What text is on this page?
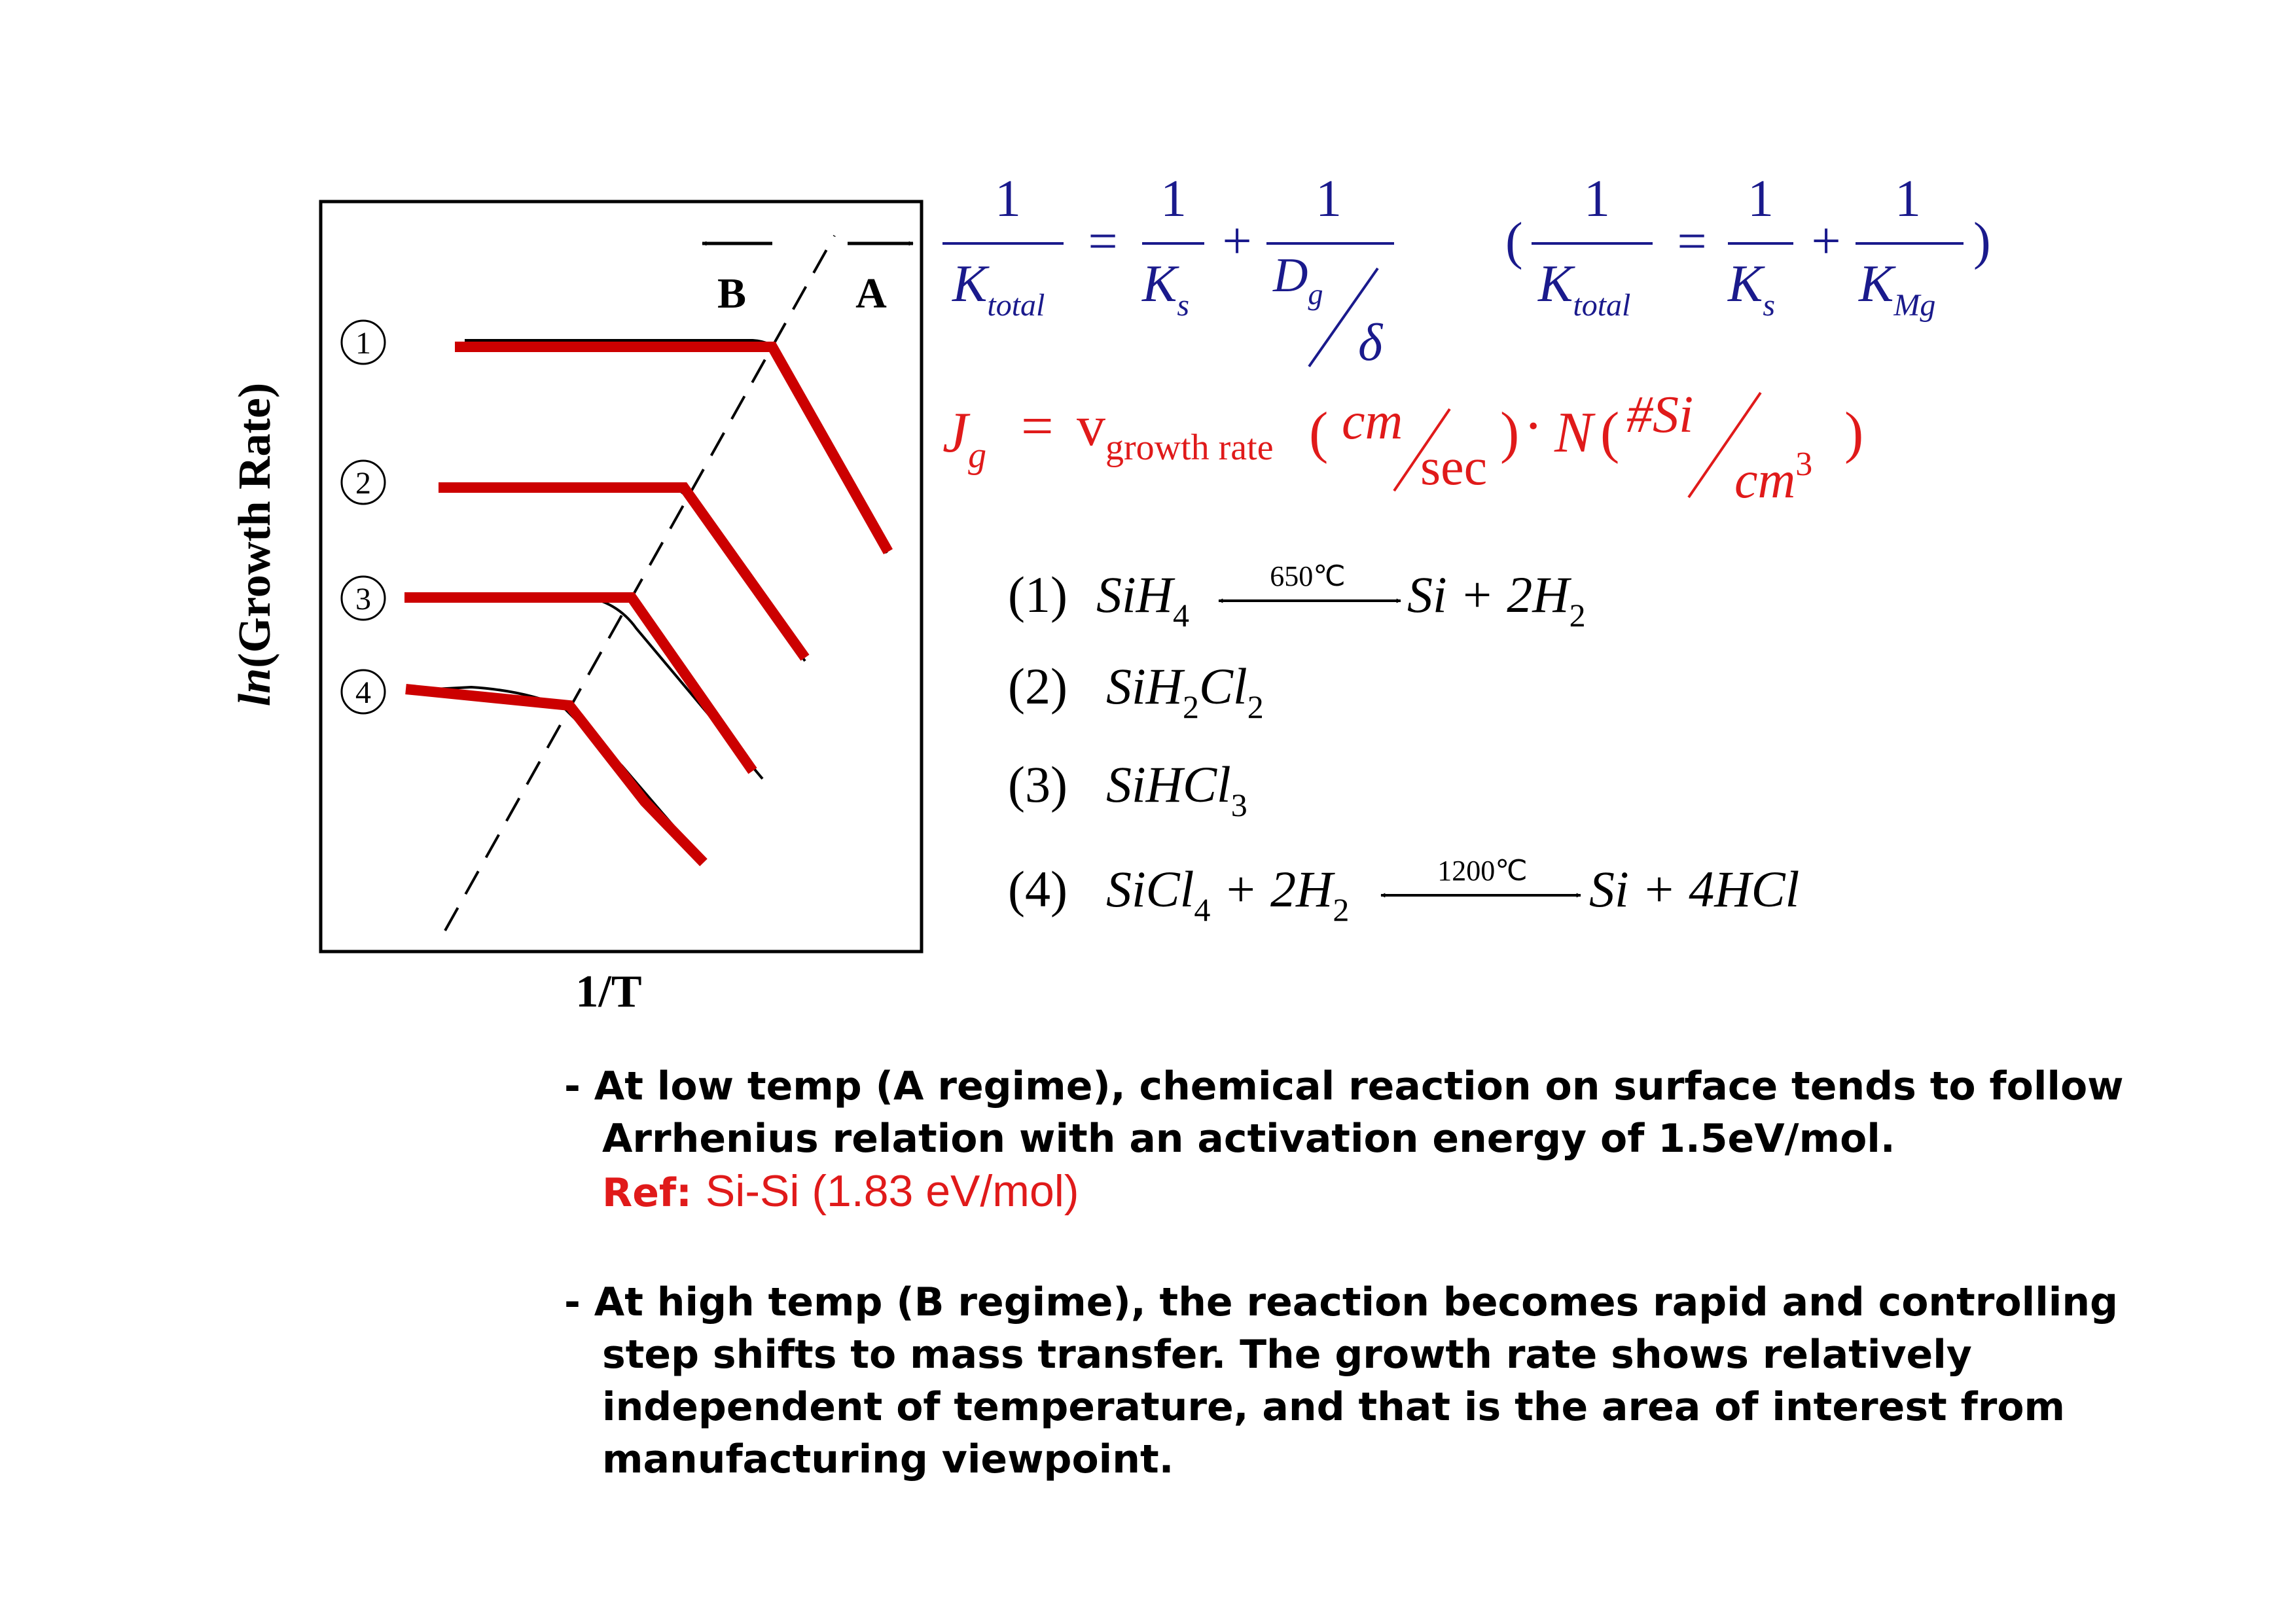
B	A
1
2
3
4
ln(Growth Rate)
1/T
1
$K_{total}$
=
1
$K_s$
+
1
$D_g$
δ
(
1
$K_{total}$
=
1
$K_s$
+
1
$K_{Mg}$
)
$J_g = v_{growth rate}$ ( cm
sec
) · N ( #Si
$cm^3$ )
(1) SiH$_4$
650℃ $Si + 2H_2$
(2) $SiH_2Cl_2$
(3) SiHCl$_3$
(4) SiCl$_4$ + $2H_2$
1200℃ Si + 4HCl
- At low temp (A regime), chemical reaction on surface tends to follow
Arrhenius relation with an activation energy of 1.5eV/mol.
Ref: Si-Si (1.83 eV/mol)
- At high temp (B regime), the reaction becomes rapid and controlling
step shifts to mass transfer. The growth rate shows relatively
independent of temperature, and that is the area of interest from
manufacturing viewpoint.
